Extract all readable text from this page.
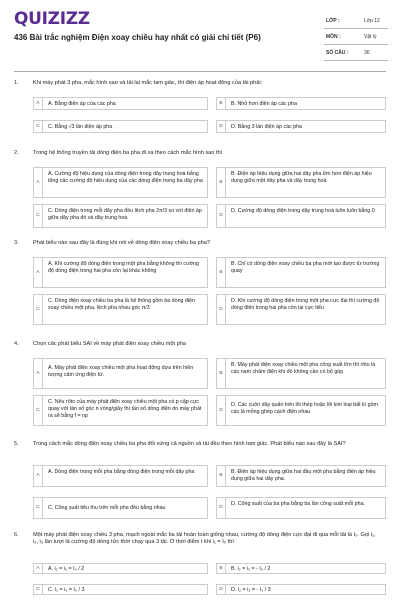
QUIZIZZ
436 Bài trắc nghiệm Điện xoay chiều hay nhất có giải chi tiết (P6)
LỚP :	Lớp 12
MÔN :	Vật lý
SỐ CÂU :	36
1.	Khi máy phát 3 pha, mắc hình sao và tải lại mắc tam giác, thì điện áp hoạt động của tải phải:
A	A. Bằng điện áp của các pha	B	B. Nhỏ hơn điện áp các pha
C	C. Bằng √3 lần điện áp pha	D	D. Bằng 3 lần điện áp các pha
2.	Trong hệ thống truyền tải dòng điện ba pha đi xa theo cách mắc hình sao thì
A
A. Cường độ hiệu dụng của dòng điện trong dây trung hoà bằng tổng các cường độ hiệu dụng của các dòng điện trong ba dây pha	B
B. Điện áp hiệu dụng giữa hai dây pha lớn hơn điện áp hiệu dụng giữa một dây pha và dây trung hoà
C
C. Dòng điện trong mỗi dây pha đều lệch pha 2π/3 so với điện áp giữa dây pha đó và dây trung hoà.	D
D. Cường độ dòng điện trong dây trung hoà luôn luôn bằng 0
3.	Phát biểu nào sau đây là đúng khi nói về dòng điện xoay chiều ba pha?
A
A. Khi cường độ dòng điện trong một pha bằng không thì cường độ dòng điện trong hai pha còn lại khác không	B
B. Chỉ có dòng điện xoay chiều ba pha mới tạo được từ trường quay
C
C. Dòng điện xoay chiều ba pha là hệ thông gồm ba dòng điện xoay chiều một pha, lệch pha nhau góc π/3	D
D. Khi cường độ dòng điện trong một pha cực đại thì cường độ dòng điện trong hai pha còn lại cực tiểu
4.	Chọn câc phát biểu SAI về máy phát điện xoay chiều một pha
A
A. Máy phát điện xoay chiều một pha hoạt động dựa trên hiện tượng cảm ứng điện từ.	B
B. Máy phát điện xoay chiều một pha công suất lớn thì rôto là các nam châm điện khi đó không cần có bộ góp
C
C. Nếu rôto của máy phát điện xoay chiều một pha có p cặp cực quay với tần số góc n vòng/giây thì tần số dòng điện do máy phát ra sẽ bằng f = np
D
D. Các cuộn dây quấn trên lõi thép hoặc lõi kim loại bất kì gồm các lá mỏng ghép cách điện nhau
5.	Trong cách mắc dòng điện xoay chiều ba pha đối xứng cả nguồn và tải đều theo hình tam giác. Phát biểu nào sau đây là SAI?
A
A. Dòng điện trong mỗi pha bằng dòng điện trong mỗi dây pha
B
B. Điện áp hiệu dụng giữa hai đầu một pha bằng điện áp hiệu dụng giữa hai dây pha.
C	C. Công suất tiêu thụ trên mỗi pha đều bằng nhau	D
D. Công suất của ba pha bằng ba lần công suất mỗi pha.
6.	Một máy phát điện xoay chiều 3 pha, mạch ngoài mắc ba tải hoàn toàn giống nhau, cường độ dòng điện cực đại đi qua mỗi tải là I₀. Gọi i₁, i₂, i₃ lần lượt là cường độ dòng tức thời chạy qua 3 tải. Ở thời điểm t khi i₁ = I₀ thì
A	A. i₂ = i₃ = I₀ / 2	B	B. i₂ = i₃ = - I₀ / 2
C	C. i₂ = i₃ = I₀ / 3	D	D. i₂ = i₃ = - I₀ / 3
